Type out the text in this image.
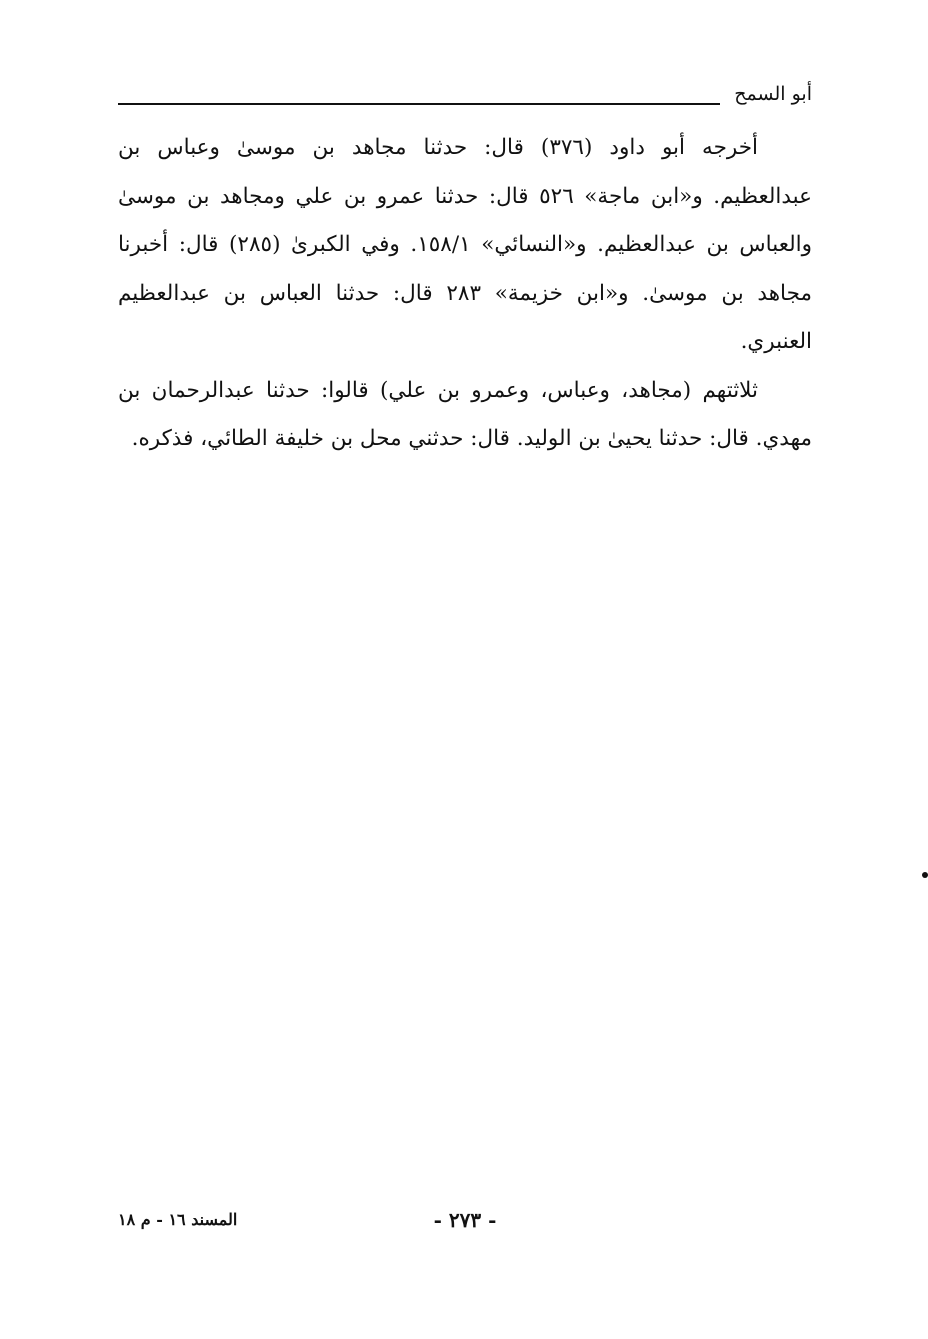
أبو السمح

أخرجه أبو داود (٣٧٦) قال: حدثنا مجاهد بن موسىٰ وعباس بن عبدالعظيم. و«ابن ماجة» ٥٢٦ قال: حدثنا عمرو بن علي ومجاهد بن موسىٰ والعباس بن عبدالعظيم. و«النسائي» ١٥٨/١. وفي الكبرىٰ (٢٨٥) قال: أخبرنا مجاهد بن موسىٰ. و«ابن خزيمة» ٢٨٣ قال: حدثنا العباس بن عبدالعظيم العنبري.

ثلاثتهم (مجاهد، وعباس، وعمرو بن علي) قالوا: حدثنا عبدالرحمان بن مهدي. قال: حدثنا يحيىٰ بن الوليد. قال: حدثني محل بن خليفة الطائي، فذكره.

- ٢٧٣ -
المسند ١٦ - م ١٨
